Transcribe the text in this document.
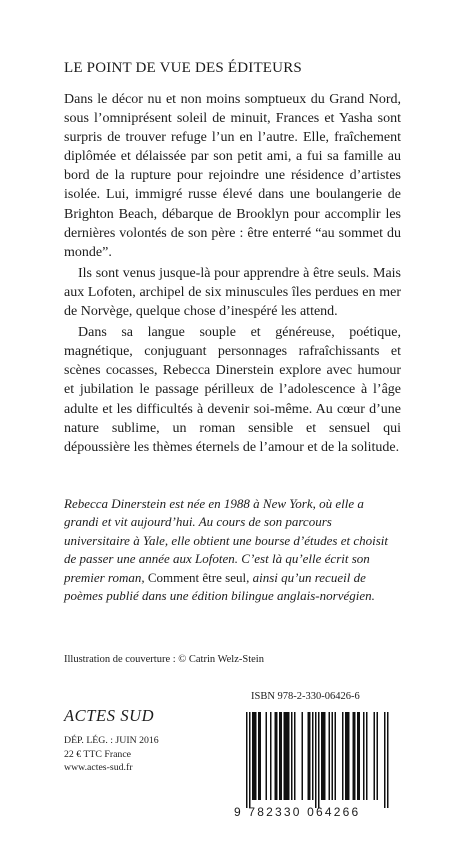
LE POINT DE VUE DES ÉDITEURS

Dans le décor nu et non moins somptueux du Grand Nord, sous l’omniprésent soleil de minuit, Frances et Yasha sont surpris de trouver refuge l’un en l’autre. Elle, fraîchement diplômée et délaissée par son petit ami, a fui sa famille au bord de la rupture pour rejoindre une résidence d’artistes isolée. Lui, immigré russe élevé dans une boulangerie de Brighton Beach, débarque de Brooklyn pour accomplir les dernières volontés de son père : être enterré “au sommet du monde”.

Ils sont venus jusque-là pour apprendre à être seuls. Mais aux Lofoten, archipel de six minuscules îles perdues en mer de Norvège, quelque chose d’inespéré les attend.

Dans sa langue souple et généreuse, poétique, magnétique, conjuguant personnages rafraîchissants et scènes cocasses, Rebecca Dinerstein explore avec humour et jubilation le passage périlleux de l’adolescence à l’âge adulte et les difficultés à devenir soi-même. Au cœur d’une nature sublime, un roman sensible et sensuel qui dépoussière les thèmes éternels de l’amour et de la solitude.

Rebecca Dinerstein est née en 1988 à New York, où elle a grandi et vit aujourd’hui. Au cours de son parcours universitaire à Yale, elle obtient une bourse d’études et choisit de passer une année aux Lofoten. C’est là qu’elle écrit son premier roman, Comment être seul, ainsi qu’un recueil de poèmes publié dans une édition bilingue anglais-norvégien.
Illustration de couverture : © Catrin Welz-Stein
ISBN 978-2-330-06426-6
ACTES SUD
DÉP. LÉG. : JUIN 2016
22 € TTC France
www.actes-sud.fr
9 782330 064266
